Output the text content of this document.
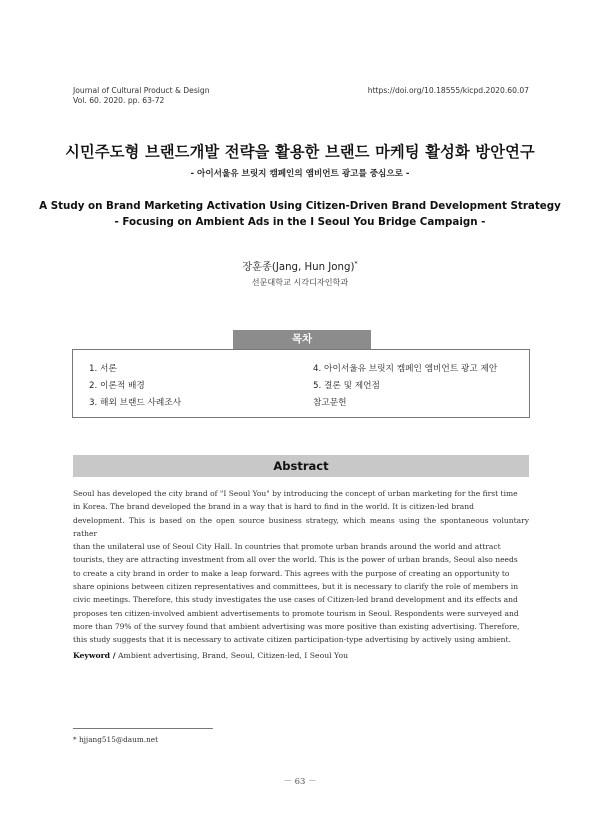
Journal of Cultural Product & Design
Vol. 60. 2020. pp. 63-72
https://doi.org/10.18555/kicpd.2020.60.07
시민주도형 브랜드개발 전략을 활용한 브랜드 마케팅 활성화 방안연구
- 아이서울유 브릿지 캠페인의 앰비언트 광고를 중심으로 -
A Study on Brand Marketing Activation Using Citizen-Driven Brand Development Strategy
- Focusing on Ambient Ads in the I Seoul You Bridge Campaign -
장훈종(Jang, Hun Jong)*
선문대학교 시각디자인학과
목차
1. 서론
2. 이론적 배경
3. 해외 브랜드 사례조사
4. 아이서울유 브릿지 켐페인 엠비언트 광고 제안
5. 결론 및 제언점
참고문헌
Abstract
Seoul has developed the city brand of "I Seoul You" by introducing the concept of urban marketing for the first time
in Korea. The brand developed the brand in a way that is hard to find in the world. It is citizen-led brand
development. This is based on the open source business strategy, which means using the spontaneous voluntary rather
than the unilateral use of Seoul City Hall. In countries that promote urban brands around the world and attract
tourists, they are attracting investment from all over the world. This is the power of urban brands, Seoul also needs
to create a city brand in order to make a leap forward. This agrees with the purpose of creating an opportunity to
share opinions between citizen representatives and committees, but it is necessary to clarify the role of members in
civic meetings. Therefore, this study investigates the use cases of Citizen-led brand development and its effects and
proposes ten citizen-involved ambient advertisements to promote tourism in Seoul. Respondents were surveyed and
more than 79% of the survey found that ambient advertising was more positive than existing advertising. Therefore,
this study suggests that it is necessary to activate citizen participation-type advertising by actively using ambient.
Keyword / Ambient advertising, Brand, Seoul, Citizen-led, I Seoul You
* hjjang515@daum.net
－ 63 －
